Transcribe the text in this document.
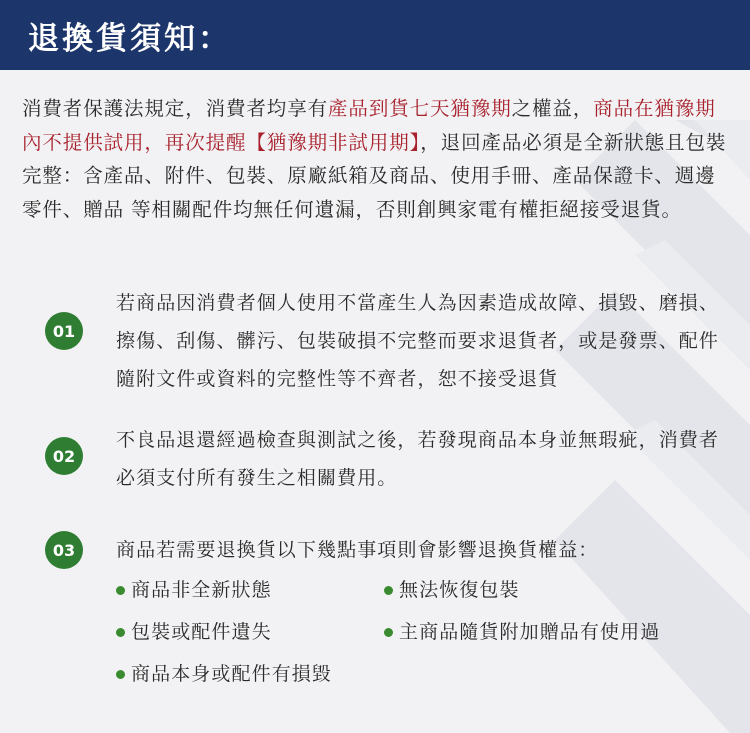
退換貨須知：
消費者保護法規定，消費者均享有產品到貨七天猶豫期之權益，商品在猶豫期內不提供試用，再次提醒【猶豫期非試用期】，退回產品必須是全新狀態且包裝完整：含產品、附件、包裝、原廠紙箱及商品、使用手冊、產品保證卡、週邊零件、贈品 等相關配件均無任何遺漏，否則創興家電有權拒絕接受退貨。
01
若商品因消費者個人使用不當產生人為因素造成故障、損毀、磨損、擦傷、刮傷、髒污、包裝破損不完整而要求退貨者，或是發票、配件隨附文件或資料的完整性等不齊者，恕不接受退貨
02
不良品退還經過檢查與測試之後，若發現商品本身並無瑕疵，消費者必須支付所有發生之相關費用。
03	商品若需要退換貨以下幾點事項則會影響退換貨權益：
商品非全新狀態	無法恢復包裝
包裝或配件遺失	主商品隨貨附加贈品有使用過
商品本身或配件有損毀
